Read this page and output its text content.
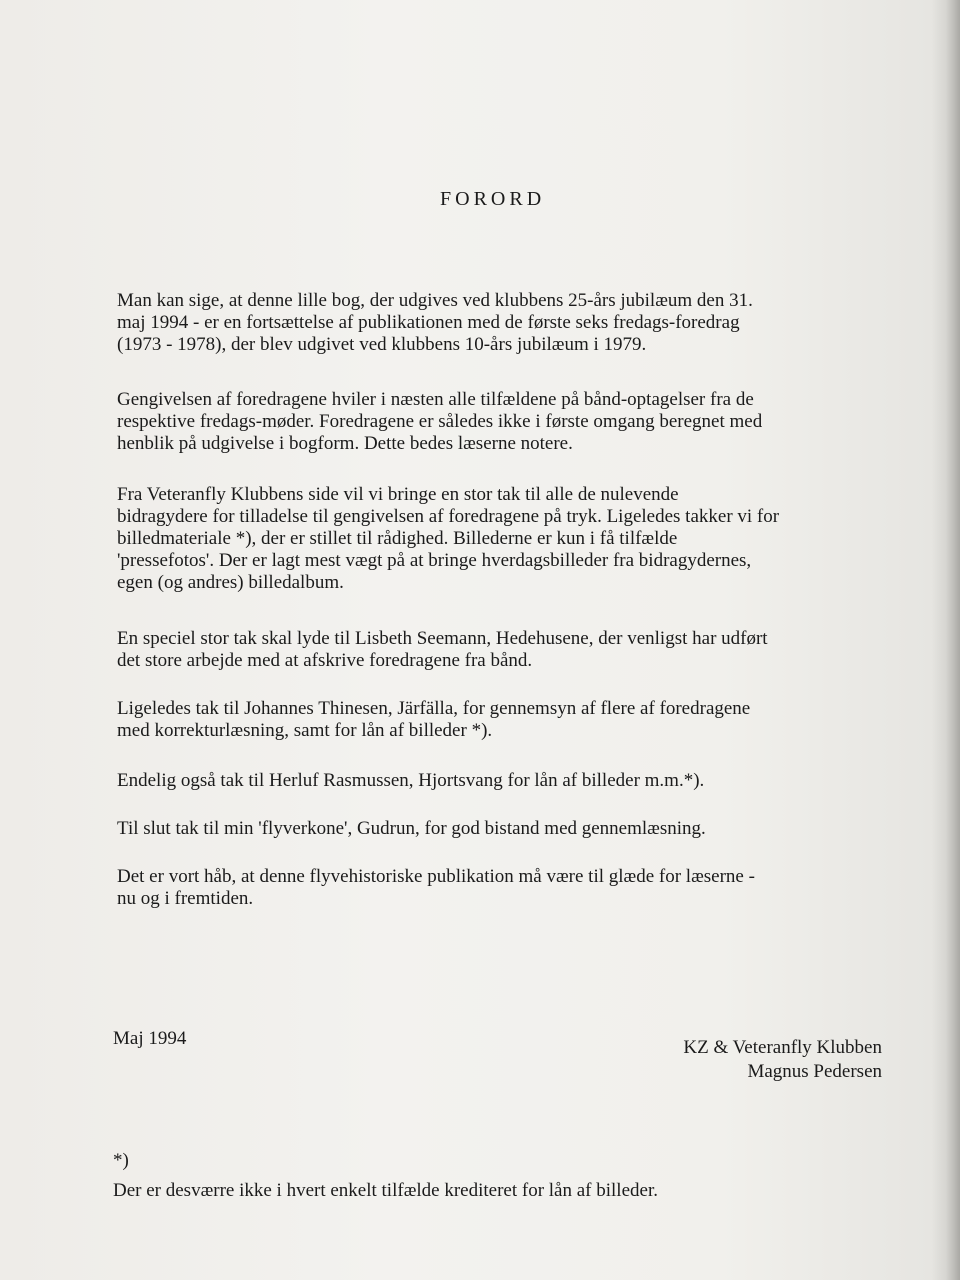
FORORD

Man kan sige, at denne lille bog, der udgives ved klubbens 25-års jubilæum den 31.
maj 1994 - er en fortsættelse af publikationen med de første seks fredags-foredrag
(1973 - 1978), der blev udgivet ved klubbens 10-års jubilæum i 1979.

Gengivelsen af foredragene hviler i næsten alle tilfældene på bånd-optagelser fra de
respektive fredags-møder. Foredragene er således ikke i første omgang beregnet med
henblik på udgivelse i bogform. Dette bedes læserne notere.

Fra Veteranfly Klubbens side vil vi bringe en stor tak til alle de nulevende
bidragydere for tilladelse til gengivelsen af foredragene på tryk. Ligeledes takker vi for
billedmateriale *), der er stillet til rådighed. Billederne er kun i få tilfælde
'pressefotos'. Der er lagt mest vægt på at bringe hverdagsbilleder fra bidragydernes,
egen (og andres) billedalbum.

En speciel stor tak skal lyde til Lisbeth Seemann, Hedehusene, der venligst har udført
det store arbejde med at afskrive foredragene fra bånd.

Ligeledes tak til Johannes Thinesen, Järfälla, for gennemsyn af flere af foredragene
med korrekturlæsning, samt for lån af billeder *).

Endelig også tak til Herluf Rasmussen, Hjortsvang for lån af billeder m.m.*).

Til slut tak til min 'flyverkone', Gudrun, for god bistand med gennemlæsning.

Det er vort håb, at denne flyvehistoriske publikation må være til glæde for læserne -
nu og i fremtiden.

Maj 1994	KZ & Veteranfly Klubben
Magnus Pedersen
*)
Der er desværre ikke i hvert enkelt tilfælde krediteret for lån af billeder.
